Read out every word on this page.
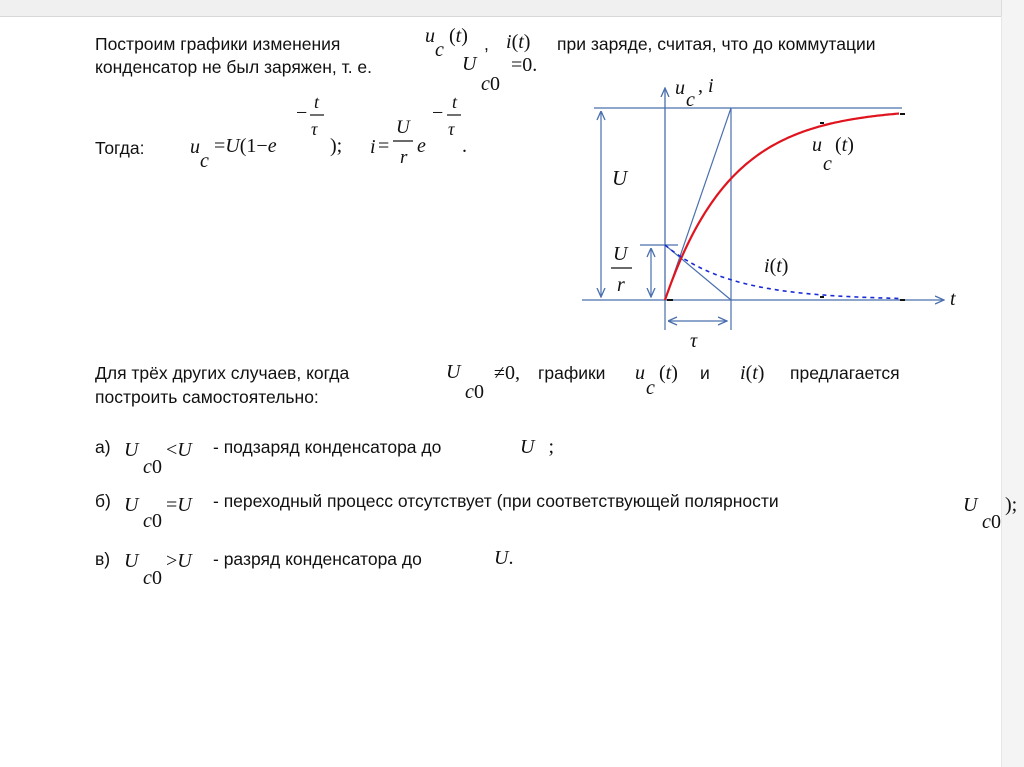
Построим графики изменения	u
c
(t) , i(t) при заряде, считая, что до коммутации
конденсатор не был заряжен, т. е.	U
c 0
=0.
Тогда: u
c
=U(1−e
− t
τ
); i =
U
r
e
− t
τ
.
u
c
, i
t
U
U
r
τ
u
c
(t)
i(t)
Для трёх других случаев, когда	U
c 0
≠0, графики u
c
(t) и i(t) предлагается
построить самостоятельно:
а) U
c 0
<U - подзаряд конденсатора до	U ;
б) U
c 0
=U - переходный процесс отсутствует (при соответствующей полярности	U
c 0
);
в) U
c 0
>U - разряд конденсатора до	U.
